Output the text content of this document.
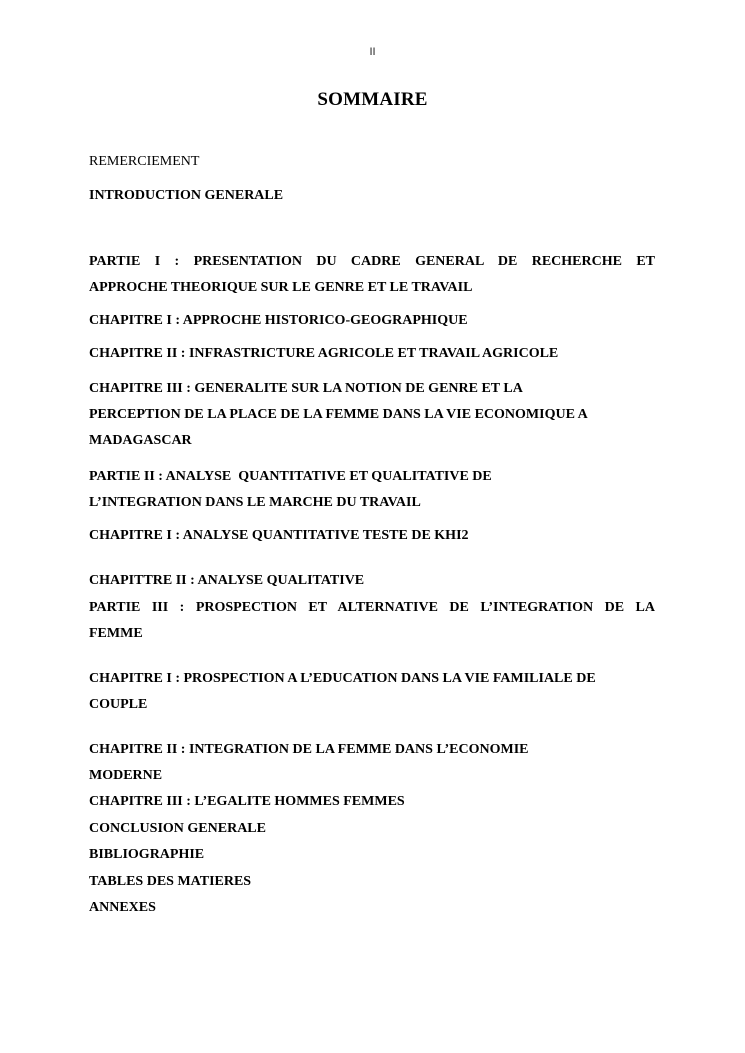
II
SOMMAIRE
REMERCIEMENT
INTRODUCTION GENERALE
PARTIE I : PRESENTATION DU CADRE GENERAL DE RECHERCHE ET
APPROCHE THEORIQUE SUR LE GENRE ET LE TRAVAIL
CHAPITRE I : APPROCHE HISTORICO-GEOGRAPHIQUE
CHAPITRE II : INFRASTRICTURE AGRICOLE ET TRAVAIL AGRICOLE
CHAPITRE III : GENERALITE SUR LA NOTION DE GENRE ET LA
PERCEPTION DE LA PLACE DE LA FEMME DANS LA VIE ECONOMIQUE A
MADAGASCAR
PARTIE II : ANALYSE  QUANTITATIVE ET QUALITATIVE DE
L’INTEGRATION DANS LE MARCHE DU TRAVAIL
CHAPITRE I : ANALYSE QUANTITATIVE TESTE DE KHI2
CHAPITTRE II : ANALYSE QUALITATIVE
PARTIE III : PROSPECTION ET ALTERNATIVE DE L’INTEGRATION DE LA
FEMME
CHAPITRE I : PROSPECTION A L’EDUCATION DANS LA VIE FAMILIALE DE
COUPLE
CHAPITRE II : INTEGRATION DE LA FEMME DANS L’ECONOMIE
MODERNE
CHAPITRE III : L’EGALITE HOMMES FEMMES
CONCLUSION GENERALE
BIBLIOGRAPHIE
TABLES DES MATIERES
ANNEXES
